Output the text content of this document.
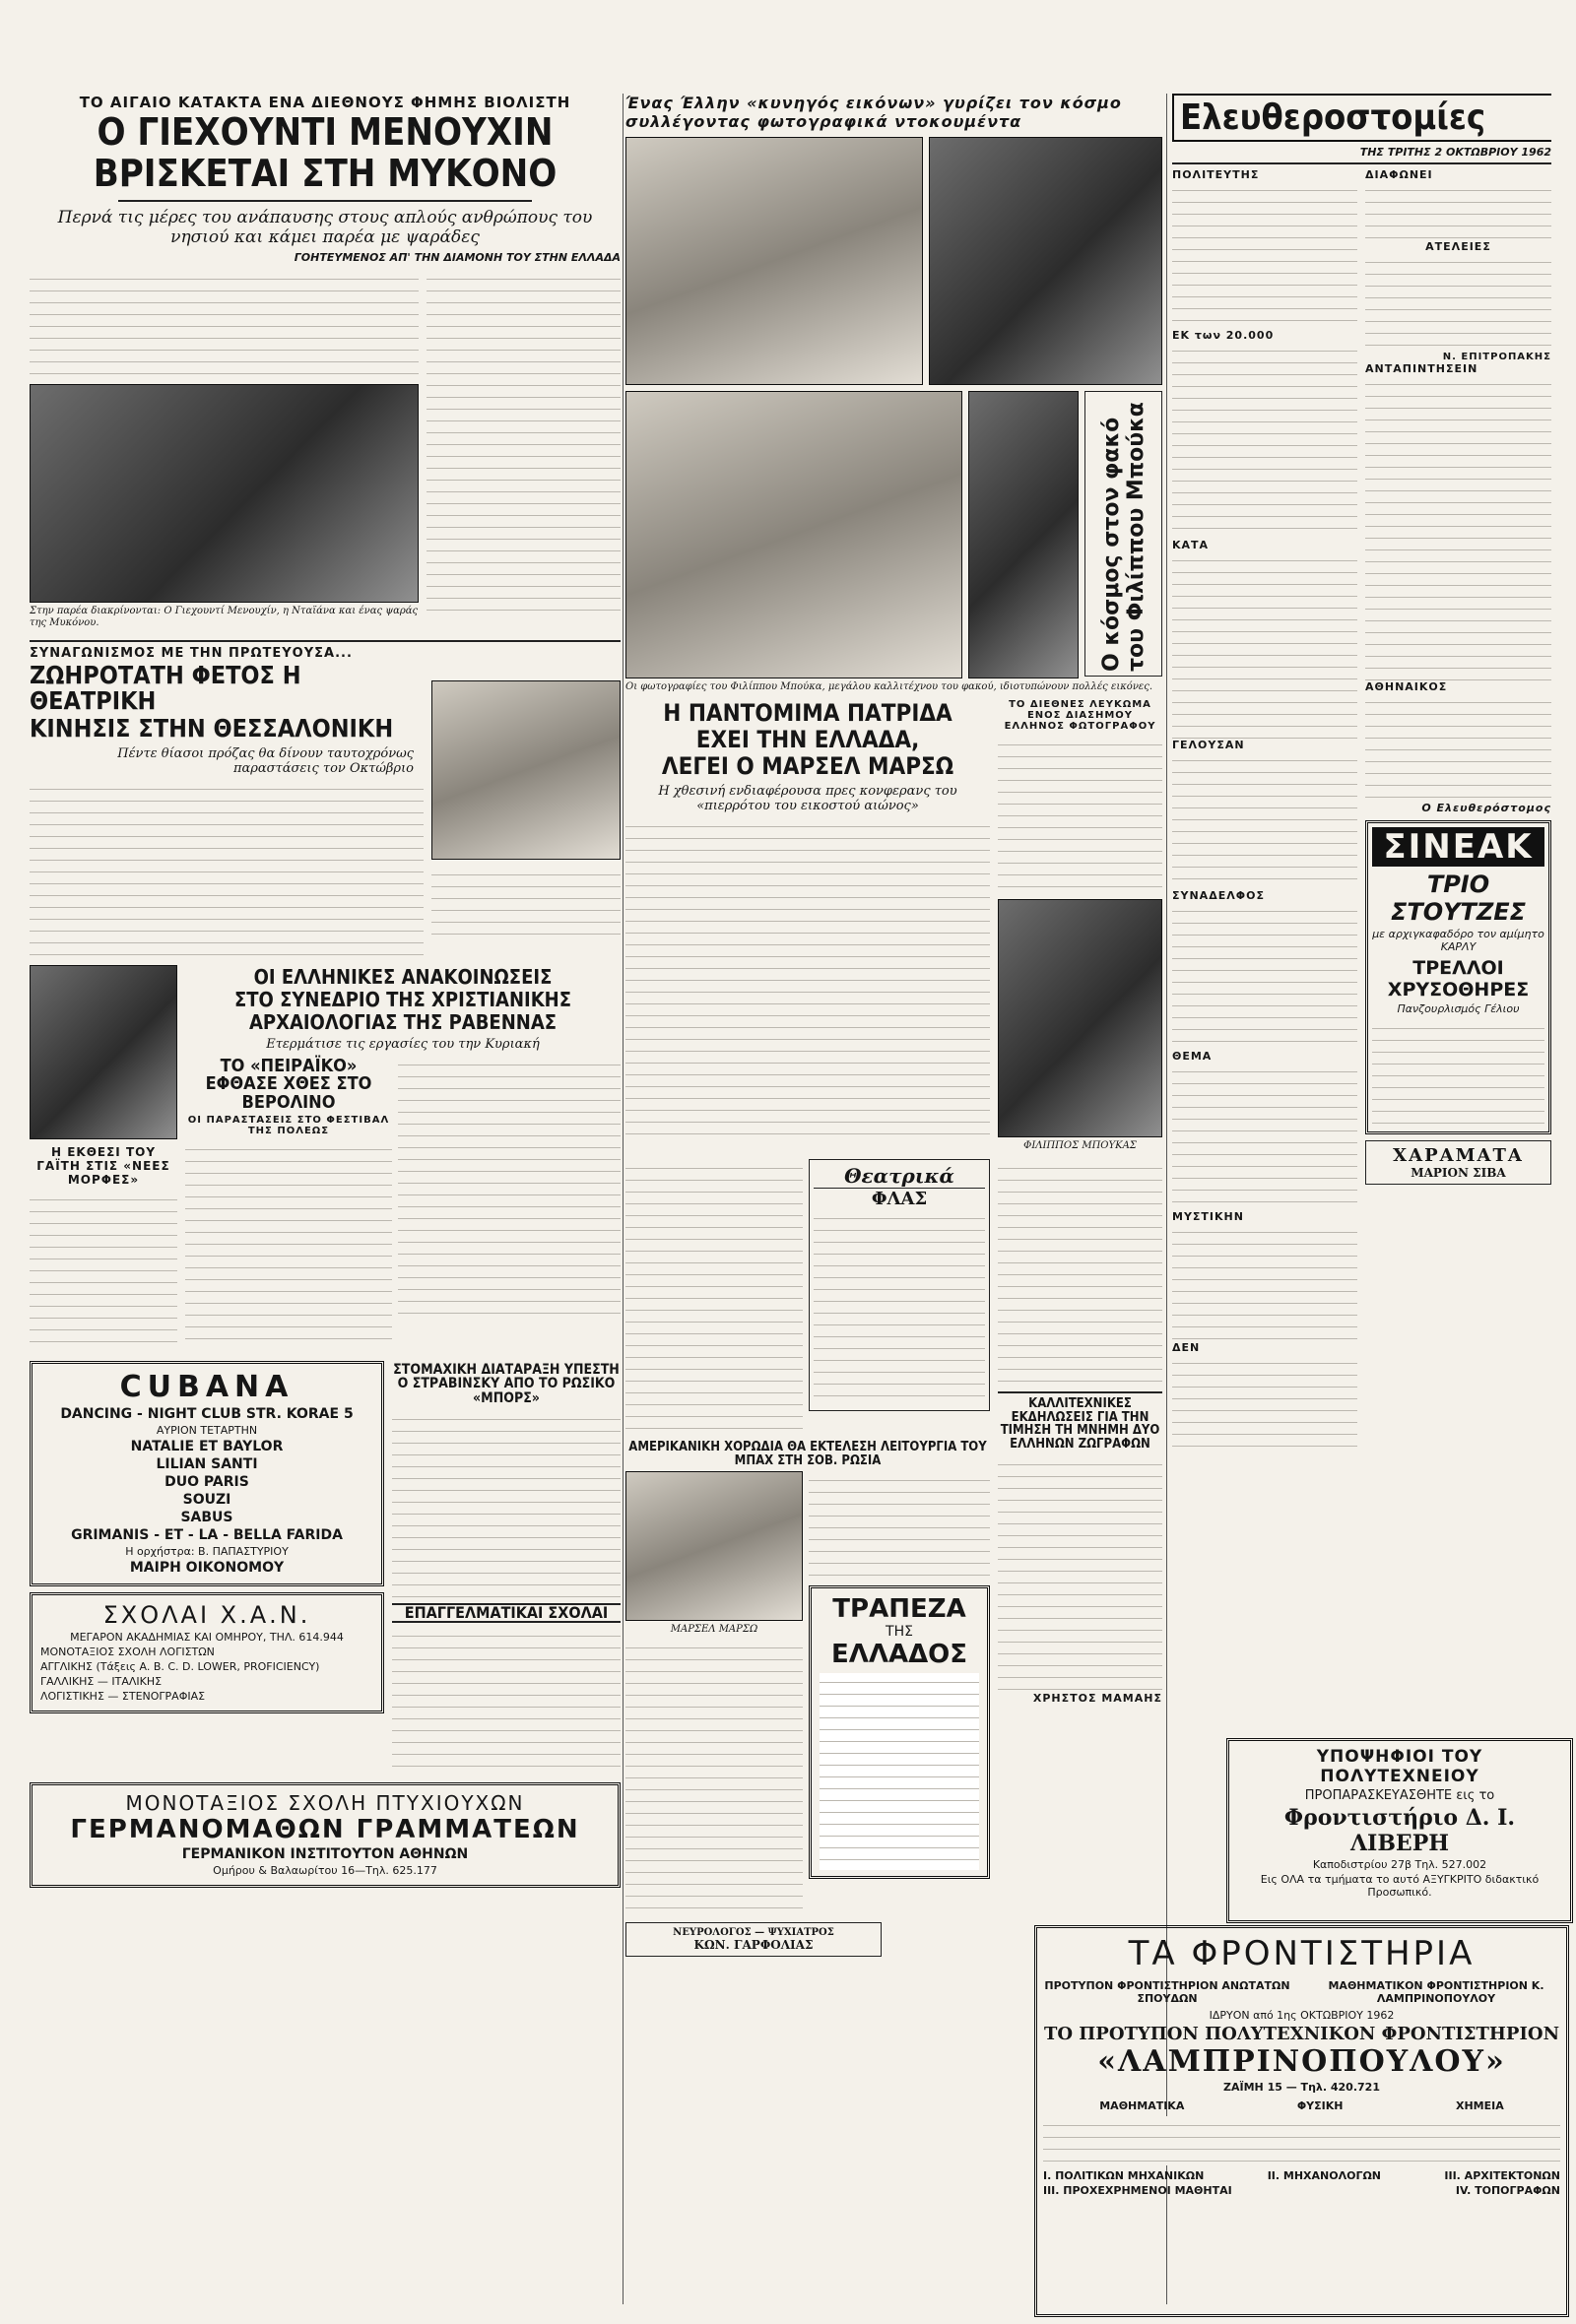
ΤΟ ΑΙΓΑΙΟ ΚΑΤΑΚΤΑ ΕΝΑ ΔΙΕΘΝΟΥΣ ΦΗΜΗΣ ΒΙΟΛΙΣΤΗ
Ο ΓΙΕΧΟΥΝΤΙ ΜΕΝΟΥΧΙΝ
ΒΡΙΣΚΕΤΑΙ ΣΤΗ ΜΥΚΟΝΟ
Περνά τις μέρες του ανάπαυσης στους απλούς ανθρώπους του νησιού και κάμει παρέα με ψαράδες
ΓΟΗΤΕΥΜΕΝΟΣ ΑΠ' ΤΗΝ ΔΙΑΜΟΝΗ ΤΟΥ ΣΤΗΝ ΕΛΛΑΔΑ
Στην παρέα διακρίνονται: Ο Γιεχουντί Μενουχίν, η Νταϊάνα και ένας ψαράς της Μυκόνου.
ΣΥΝΑΓΩΝΙΣΜΟΣ ΜΕ ΤΗΝ ΠΡΩΤΕΥΟΥΣΑ...
ΖΩΗΡΟΤΑΤΗ ΦΕΤΟΣ Η ΘΕΑΤΡΙΚΗ
ΚΙΝΗΣΙΣ ΣΤΗΝ ΘΕΣΣΑΛΟΝΙΚΗ
Πέντε θίασοι πρόζας θα δίνουν ταυτοχρόνως παραστάσεις τον Οκτώβριο
Η ΕΚΘΕΣΙ ΤΟΥ ΓΑΪΤΗ ΣΤΙΣ «ΝΕΕΣ ΜΟΡΦΕΣ»
ΟΙ ΕΛΛΗΝΙΚΕΣ ΑΝΑΚΟΙΝΩΣΕΙΣ
ΣΤΟ ΣΥΝΕΔΡΙΟ ΤΗΣ ΧΡΙΣΤΙΑΝΙΚΗΣ
ΑΡΧΑΙΟΛΟΓΙΑΣ ΤΗΣ ΡΑΒΕΝΝΑΣ
Ετερμάτισε τις εργασίες του την Κυριακή
ΤΟ «ΠΕΙΡΑΪΚΟ» ΕΦΘΑΣΕ ΧΘΕΣ ΣΤΟ ΒΕΡΟΛΙΝΟ
ΟΙ ΠΑΡΑΣΤΑΣΕΙΣ ΣΤΟ ΦΕΣΤΙΒΑΛ ΤΗΣ ΠΟΛΕΩΣ
CUBANA

DANCING - NIGHT CLUB STR. KORAE 5

ΑΥΡΙΟΝ ΤΕΤΑΡΤΗΝ

NATALIE ET BAYLOR

LILIAN SANTI

DUO PARIS

SOUZI

SABUS

GRIMANIS - ET - LA - BELLA FARIDA

Η ορχήστρα: Β. ΠΑΠΑΣΤΥΡΙΟΥ

ΜΑΙΡΗ ΟΙΚΟΝΟΜΟΥ

ΣΧΟΛΑΙ Χ.Α.Ν.

ΜΕΓΑΡΟΝ ΑΚΑΔΗΜΙΑΣ ΚΑΙ ΟΜΗΡΟΥ, ΤΗΛ. 614.944

ΜΟΝΟΤΑΞΙΟΣ ΣΧΟΛΗ ΛΟΓΙΣΤΩΝ

ΑΓΓΛΙΚΗΣ (Τάξεις A. B. C. D. LOWER, PROFICIENCY)

ΓΑΛΛΙΚΗΣ — ΙΤΑΛΙΚΗΣ

ΛΟΓΙΣΤΙΚΗΣ — ΣΤΕΝΟΓΡΑΦΙΑΣ

ΣΤΟΜΑΧΙΚΗ ΔΙΑΤΑΡΑΞΗ ΥΠΕΣΤΗ Ο ΣΤΡΑΒΙΝΣΚΥ ΑΠΟ ΤΟ ΡΩΣΙΚΟ «ΜΠΟΡΣ»
ΕΠΑΓΓΕΛΜΑΤΙΚΑΙ ΣΧΟΛΑΙ
ΜΟΝΟΤΑΞΙΟΣ ΣΧΟΛΗ ΠΤΥΧΙΟΥΧΩΝ
ΓΕΡΜΑΝΟΜΑΘΩΝ ΓΡΑΜΜΑΤΕΩΝ

ΓΕΡΜΑΝΙΚΟΝ ΙΝΣΤΙΤΟΥΤΟΝ ΑΘΗΝΩΝ

Ομήρου & Βαλαωρίτου 16—Τηλ. 625.177

Ένας Έλλην «κυνηγός εικόνων» γυρίζει τον κόσμο συλλέγοντας φωτογραφικά ντοκουμέντα
Ο κόσμος στον φακό του Φιλίππου Μπούκα
Οι φωτογραφίες του Φιλίππου Μπούκα, μεγάλου καλλιτέχνου του φακού, ιδιοτυπώνουν πολλές εικόνες.
Η ΠΑΝΤΟΜΙΜΑ ΠΑΤΡΙΔΑ
ΕΧΕΙ ΤΗΝ ΕΛΛΑΔΑ,
ΛΕΓΕΙ Ο ΜΑΡΣΕΛ ΜΑΡΣΩ
Η χθεσινή ενδιαφέρουσα πρες κονφερανς του «πιερρότου του εικοστού αιώνος»
ΤΟ ΔΙΕΘΝΕΣ ΛΕΥΚΩΜΑ ΕΝΟΣ ΔΙΑΣΗΜΟΥ ΕΛΛΗΝΟΣ ΦΩΤΟΓΡΑΦΟΥ
ΦΙΛΙΠΠΟΣ ΜΠΟΥΚΑΣ
Θεατρικά
ΦΛΑΣ
ΑΜΕΡΙΚΑΝΙΚΗ ΧΟΡΩΔΙΑ ΘΑ ΕΚΤΕΛΕΣΗ ΛΕΙΤΟΥΡΓΙΑ ΤΟΥ ΜΠΑΧ ΣΤΗ ΣΟΒ. ΡΩΣΙΑ
ΜΑΡΣΕΛ ΜΑΡΣΩ
ΤΡΑΠΕΖΑ
ΤΗΣ
ΕΛΛΑΔΟΣ
ΚΑΛΛΙΤΕΧΝΙΚΕΣ ΕΚΔΗΛΩΣΕΙΣ ΓΙΑ ΤΗΝ ΤΙΜΗΣΗ ΤΗ ΜΝΗΜΗ ΔΥΟ ΕΛΛΗΝΩΝ ΖΩΓΡΑΦΩΝ
ΧΡΗΣΤΟΣ ΜΑΜΑΗΣ
ΝΕΥΡΟΛΟΓΟΣ — ΨΥΧΙΑΤΡΟΣ
ΚΩΝ. ΓΑΡΦΟΛΙΑΣ
Ελευθεροστομίες
ΤΗΣ ΤΡΙΤΗΣ 2 ΟΚΤΩΒΡΙΟΥ 1962
ΠΟΛΙΤΕΥΤΗΣ
ΕΚ των 20.000
ΚΑΤΑ
ΓΕΛΟΥΣΑΝ
ΣΥΝΑΔΕΛΦΟΣ
ΘΕΜΑ
ΜΥΣΤΙΚΗΝ
ΔΕΝ
ΔΙΑΦΩΝΕΙ
ΑΤΕΛΕΙΕΣ
Ν. ΕΠΙΤΡΟΠΑΚΗΣ
ΑΝΤΑΠΙΝΤΗΣΕΙΝ
ΑΘΗΝΑΙΚΟΣ
Ο Ελευθερόστομος
ΣΙΝΕΑΚ
ΤΡΙΟ ΣΤΟΥΤΖΕΣ

με αρχιγκαφαδόρο τον αμίμητο ΚΑΡΛΥ

ΤΡΕΛΛΟΙ ΧΡΥΣΟΘΗΡΕΣ

Πανζουρλισμός Γέλιου

ΧΑΡΑΜΑΤΑ
ΜΑΡΙΟΝ ΣΙΒΑ
ΥΠΟΨΗΦΙΟΙ ΤΟΥ ΠΟΛΥΤΕΧΝΕΙΟΥ

ΠΡΟΠΑΡΑΣΚΕΥΑΣΘΗΤΕ εις το

Φροντιστήριο Δ. Ι. ΛΙΒΕΡΗ

Καποδιστρίου 27β Τηλ. 527.002

Εις ΟΛΑ τα τμήματα το αυτό ΑΞΥΓΚΡΙΤΟ διδακτικό Προσωπικό.

ΤΑ ΦΡΟΝΤΙΣΤΗΡΙΑ

ΠΡΟΤΥΠΟΝ ΦΡΟΝΤΙΣΤΗΡΙΟΝ ΑΝΩΤΑΤΩΝ ΣΠΟΥΔΩΝ

ΜΑΘΗΜΑΤΙΚΟΝ ΦΡΟΝΤΙΣΤΗΡΙΟΝ Κ. ΛΑΜΠΡΙΝΟΠΟΥΛΟΥ

ΙΔΡΥΟΝ από 1ης ΟΚΤΩΒΡΙΟΥ 1962

ΤΟ ΠΡΟΤΥΠΟΝ ΠΟΛΥΤΕΧΝΙΚΟΝ ΦΡΟΝΤΙΣΤΗΡΙΟΝ
«ΛΑΜΠΡΙΝΟΠΟΥΛΟΥ»

ΖΑΪΜΗ 15 — Τηλ. 420.721

ΜΑΘΗΜΑΤΙΚΑ	ΦΥΣΙΚΗ	ΧΗΜΕΙΑ
Ι. ΠΟΛΙΤΙΚΩΝ ΜΗΧΑΝΙΚΩΝ	ΙΙ. ΜΗΧΑΝΟΛΟΓΩΝ	ΙΙΙ. ΑΡΧΙΤΕΚΤΟΝΩΝ
ΙΙΙ. ΠΡΟΧΕΧΡΗΜΕΝΟΙ ΜΑΘΗΤΑΙ	ΙV. ΤΟΠΟΓΡΑΦΩΝ
